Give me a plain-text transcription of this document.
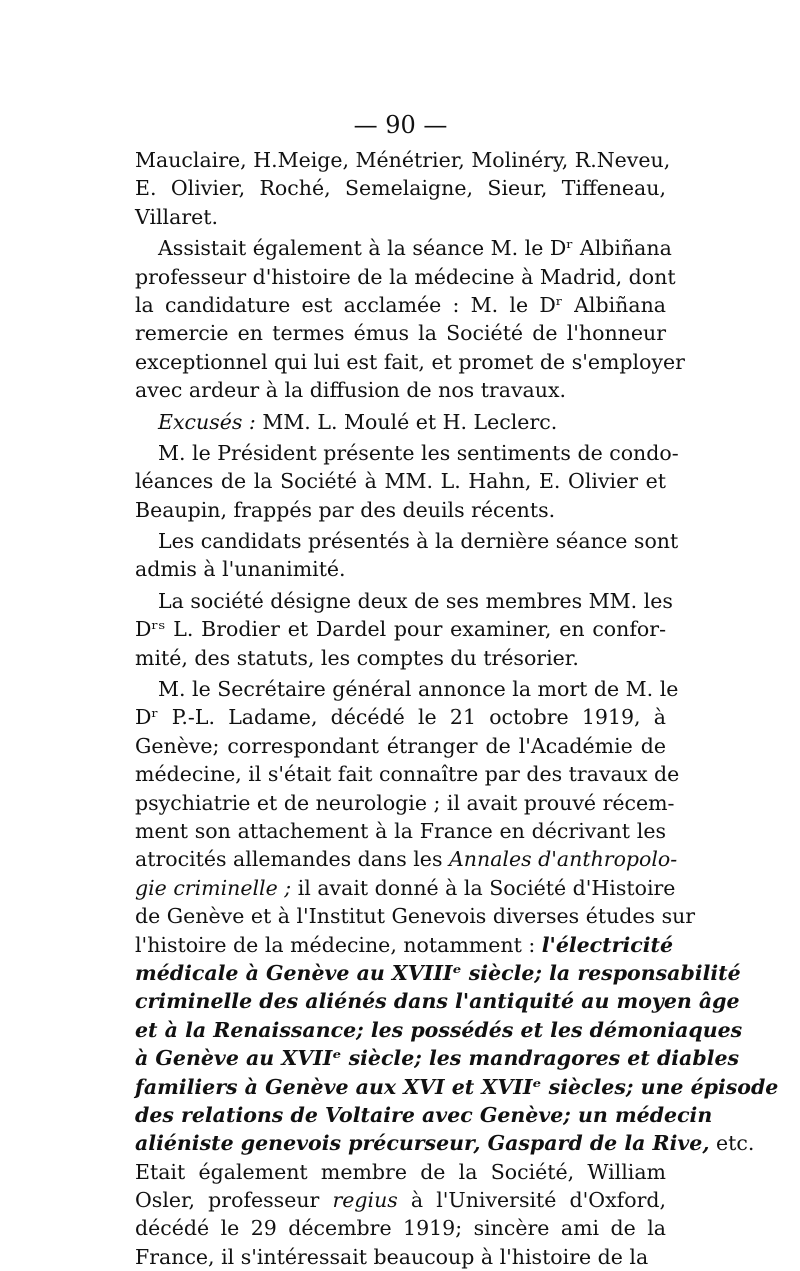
— 90 —
Mauclaire, H.Meige, Ménétrier, Molinéry, R.Neveu,
E. Olivier, Roché, Semelaigne, Sieur, Tiffeneau,
Villaret.
Assistait également à la séance M. le Dʳ Albiñana
professeur d'histoire de la médecine à Madrid, dont
la candidature est acclamée : M. le Dʳ Albiñana
remercie en termes émus la Société de l'honneur
exceptionnel qui lui est fait, et promet de s'employer
avec ardeur à la diffusion de nos travaux.
Excusés : MM. L. Moulé et H. Leclerc.
M. le Président présente les sentiments de condo-
léances de la Société à MM. L. Hahn, E. Olivier et
Beaupin, frappés par des deuils récents.
Les candidats présentés à la dernière séance sont
admis à l'unanimité.
La société désigne deux de ses membres MM. les
Dʳˢ L. Brodier et Dardel pour examiner, en confor-
mité, des statuts, les comptes du trésorier.
M. le Secrétaire général annonce la mort de M. le
Dʳ P.-L. Ladame, décédé le 21 octobre 1919, à
Genève; correspondant étranger de l'Académie de
médecine, il s'était fait connaître par des travaux de
psychiatrie et de neurologie ; il avait prouvé récem-
ment son attachement à la France en décrivant les
atrocités allemandes dans les Annales d'anthropolo-
gie criminelle ; il avait donné à la Société d'Histoire
de Genève et à l'Institut Genevois diverses études sur
l'histoire de la médecine, notamment : l'électricité
médicale à Genève au XVIIIᵉ siècle; la responsabilité
criminelle des aliénés dans l'antiquité au moyen âge
et à la Renaissance; les possédés et les démoniaques
à Genève au XVIIᵉ siècle; les mandragores et diables
familiers à Genève aux XVI et XVIIᵉ siècles; une épisode
des relations de Voltaire avec Genève; un médecin
aliéniste genevois précurseur, Gaspard de la Rive, etc.
Etait également membre de la Société, William
Osler, professeur regius à l'Université d'Oxford,
décédé le 29 décembre 1919; sincère ami de la
France, il s'intéressait beaucoup à l'histoire de la
